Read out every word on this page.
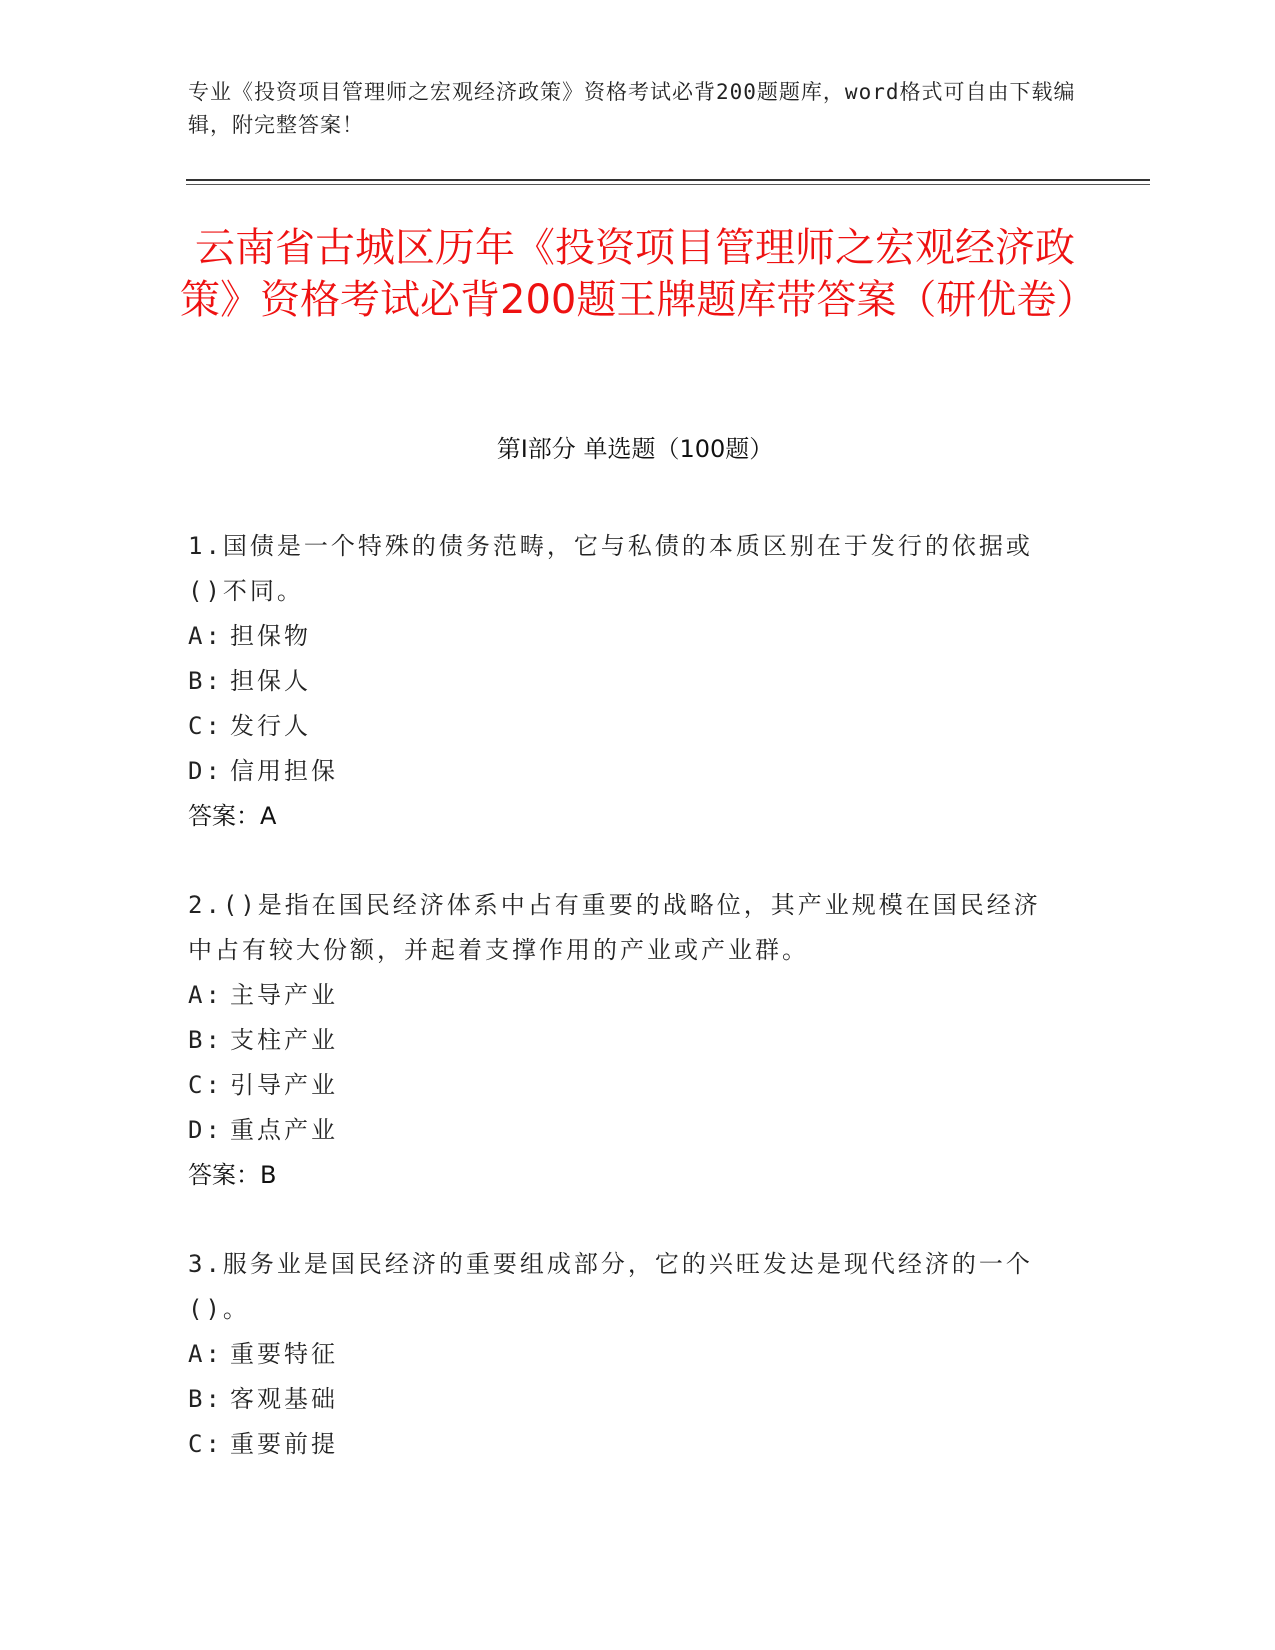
专业《投资项目管理师之宏观经济政策》资格考试必背200题题库，word格式可自由下载编辑，附完整答案！
云南省古城区历年《投资项目管理师之宏观经济政策》资格考试必背200题王牌题库带答案（研优卷）
第Ⅰ部分 单选题（100题）
1.国债是一个特殊的债务范畴，它与私债的本质区别在于发行的依据或()不同。
A: 担保物
B: 担保人
C: 发行人
D: 信用担保
答案：A
2.()是指在国民经济体系中占有重要的战略位，其产业规模在国民经济中占有较大份额，并起着支撑作用的产业或产业群。
A: 主导产业
B: 支柱产业
C: 引导产业
D: 重点产业
答案：B
3.服务业是国民经济的重要组成部分，它的兴旺发达是现代经济的一个()。
A: 重要特征
B: 客观基础
C: 重要前提
